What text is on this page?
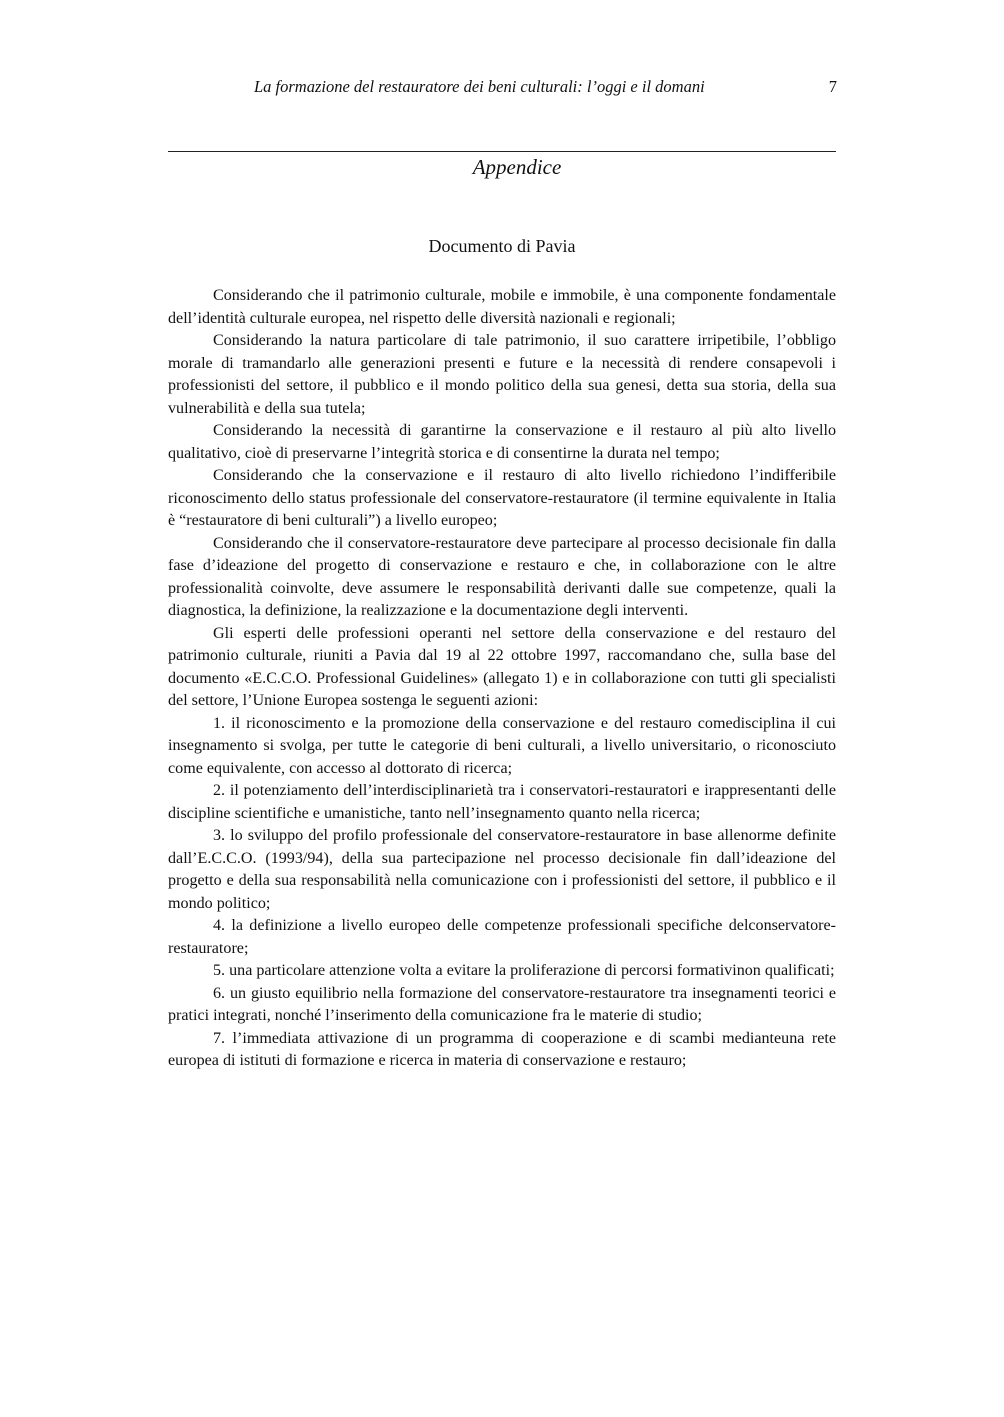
La formazione del restauratore dei beni culturali: l’oggi e il domani	7
Appendice
Documento di Pavia

Considerando che il patrimonio culturale, mobile e immobile, è una componente fondamentale dell’identità culturale europea, nel rispetto delle diversità nazionali e regionali;

Considerando la natura particolare di tale patrimonio, il suo carattere irripetibile, l’obbligo morale di tramandarlo alle generazioni presenti e future e la necessità di rendere consapevoli i professionisti del settore, il pubblico e il mondo politico della sua genesi, detta sua storia, della sua vulnerabilità e della sua tutela;

Considerando la necessità di garantirne la conservazione e il restauro al più alto livello qualitativo, cioè di preservarne l’integrità storica e di consentirne la durata nel tempo;

Considerando che la conservazione e il restauro di alto livello richiedono l’indifferibile riconoscimento dello status professionale del conservatore-restauratore (il termine equivalente in Italia è “restauratore di beni culturali”) a livello europeo;

Considerando che il conservatore-restauratore deve partecipare al processo decisionale fin dalla fase d’ideazione del progetto di conservazione e restauro e che, in collaborazione con le altre professionalità coinvolte, deve assumere le responsabilità derivanti dalle sue competenze, quali la diagnostica, la definizione, la realizzazione e la documentazione degli interventi.

Gli esperti delle professioni operanti nel settore della conservazione e del restauro del patrimonio culturale, riuniti a Pavia dal 19 al 22 ottobre 1997, raccomandano che, sulla base del documento «E.C.C.O. Professional Guidelines» (allegato 1) e in collaborazione con tutti gli specialisti del settore, l’Unione Europea sostenga le seguenti azioni:

1. il riconoscimento e la promozione della conservazione e del restauro comedisciplina il cui insegnamento si svolga, per tutte le categorie di beni culturali, a livello universitario, o riconosciuto come equivalente, con accesso al dottorato di ricerca;

2. il potenziamento dell’interdisciplinarietà tra i conservatori-restauratori e irappresentanti delle discipline scientifiche e umanistiche, tanto nell’insegnamento quanto nella ricerca;

3. lo sviluppo del profilo professionale del conservatore-restauratore in base allenorme definite dall’E.C.C.O. (1993/94), della sua partecipazione nel processo decisionale fin dall’ideazione del progetto e della sua responsabilità nella comunicazione con i professionisti del settore, il pubblico e il mondo politico;

4. la definizione a livello europeo delle competenze professionali specifiche delconservatore-restauratore;

5. una particolare attenzione volta a evitare la proliferazione di percorsi formativinon qualificati;

6. un giusto equilibrio nella formazione del conservatore-restauratore tra insegnamenti teorici e pratici integrati, nonché l’inserimento della comunicazione fra le materie di studio;

7. l’immediata attivazione di un programma di cooperazione e di scambi medianteuna rete europea di istituti di formazione e ricerca in materia di conservazione e restauro;
